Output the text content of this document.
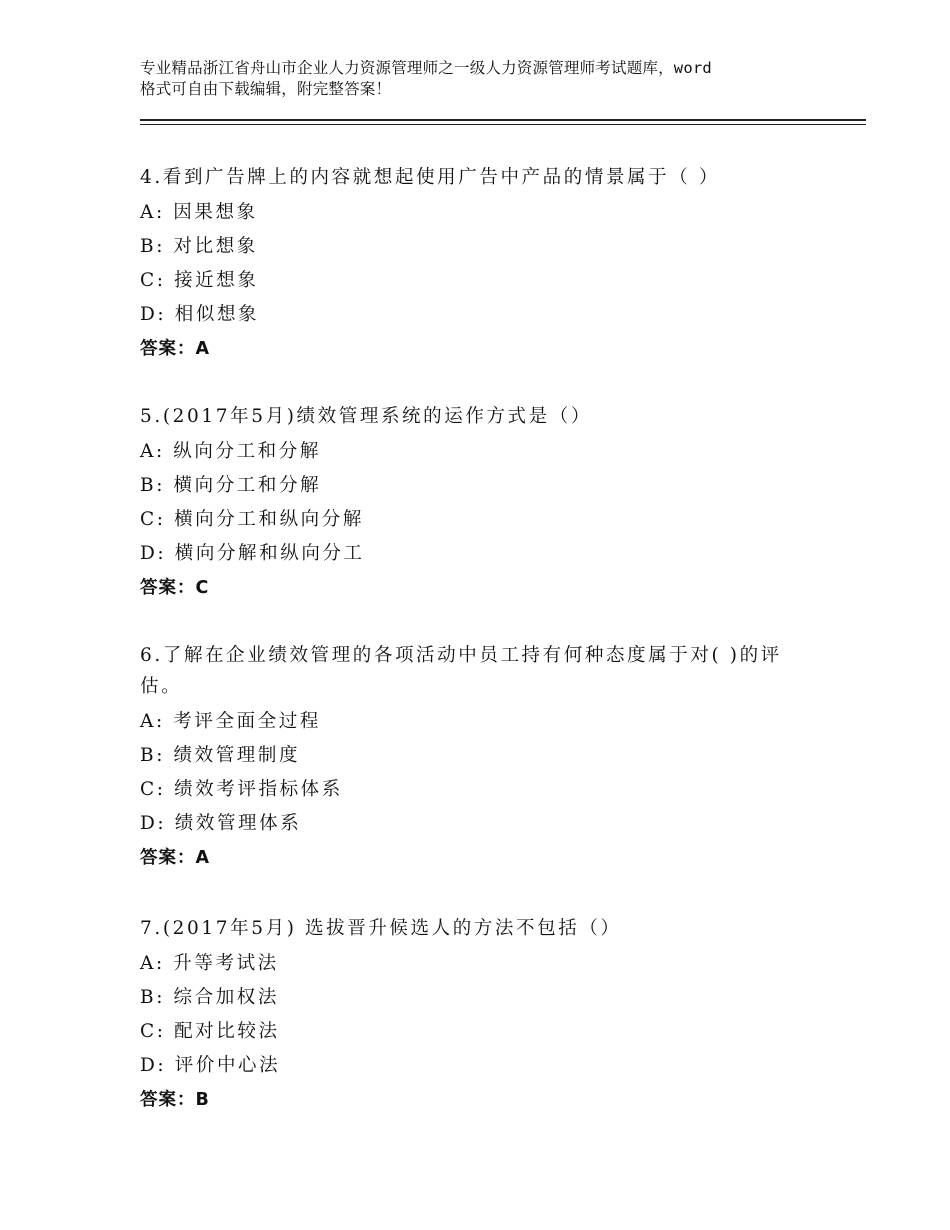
专业精品浙江省舟山市企业人力资源管理师之一级人力资源管理师考试题库，word
格式可自由下载编辑，附完整答案！
4.看到广告牌上的内容就想起使用广告中产品的情景属于（ ）
A: 因果想象
B: 对比想象
C: 接近想象
D: 相似想象
答案：A
5.(2017年5月)绩效管理系统的运作方式是（）
A: 纵向分工和分解
B: 横向分工和分解
C: 横向分工和纵向分解
D: 横向分解和纵向分工
答案：C
6.了解在企业绩效管理的各项活动中员工持有何种态度属于对( )的评估。
A: 考评全面全过程
B: 绩效管理制度
C: 绩效考评指标体系
D: 绩效管理体系
答案：A
7.(2017年5月) 选拔晋升候选人的方法不包括（）
A: 升等考试法
B: 综合加权法
C: 配对比较法
D: 评价中心法
答案：B
